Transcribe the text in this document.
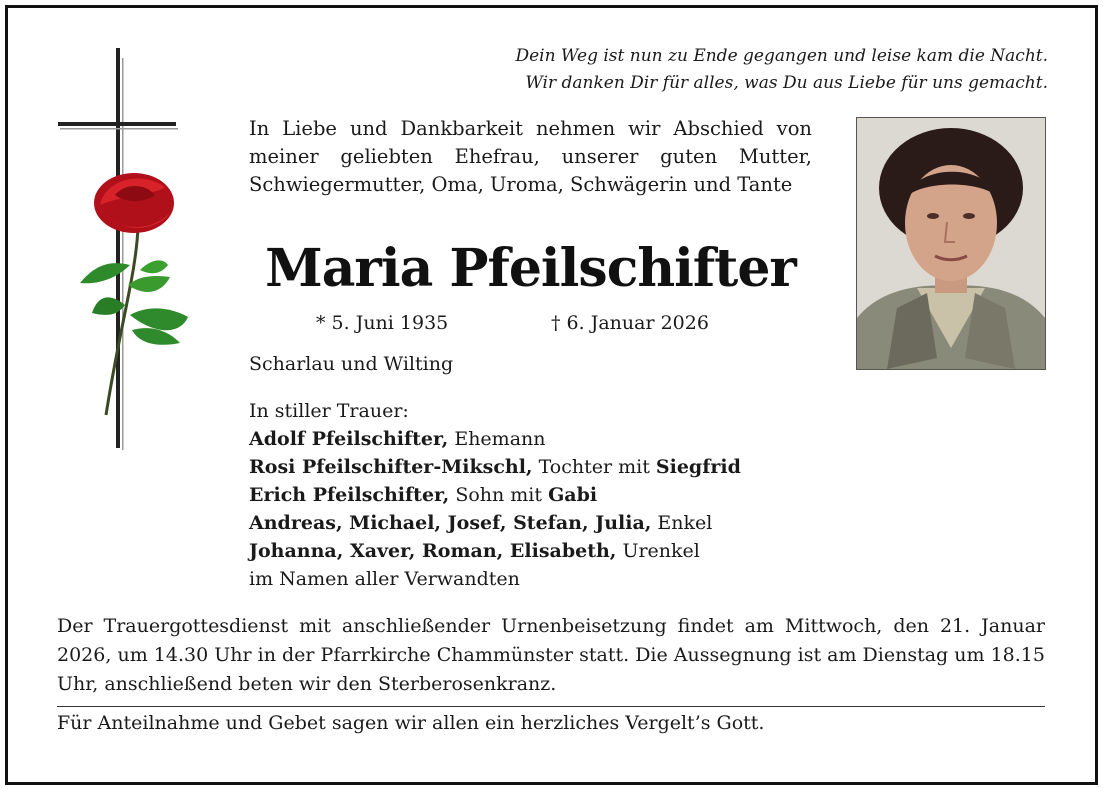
Dein Weg ist nun zu Ende gegangen und leise kam die Nacht.
Wir danken Dir für alles, was Du aus Liebe für uns gemacht.
In Liebe und Dankbarkeit nehmen wir Abschied von meiner geliebten Ehefrau, unserer guten Mutter, Schwiegermutter, Oma, Uroma, Schwägerin und Tante
Maria Pfeilschifter
* 5. Juni 1935	† 6. Januar 2026
Scharlau und Wilting
In stiller Trauer:
Adolf Pfeilschifter, Ehemann
Rosi Pfeilschifter-Mikschl, Tochter mit Siegfrid
Erich Pfeilschifter, Sohn mit Gabi
Andreas, Michael, Josef, Stefan, Julia, Enkel
Johanna, Xaver, Roman, Elisabeth, Urenkel
im Namen aller Verwandten
Der Trauergottesdienst mit anschließender Urnenbeisetzung findet am Mittwoch, den 21. Januar 2026, um 14.30 Uhr in der Pfarrkirche Chammünster statt. Die Aussegnung ist am Dienstag um 18.15 Uhr, anschließend beten wir den Sterberosenkranz.
Für Anteilnahme und Gebet sagen wir allen ein herzliches Vergelt’s Gott.
